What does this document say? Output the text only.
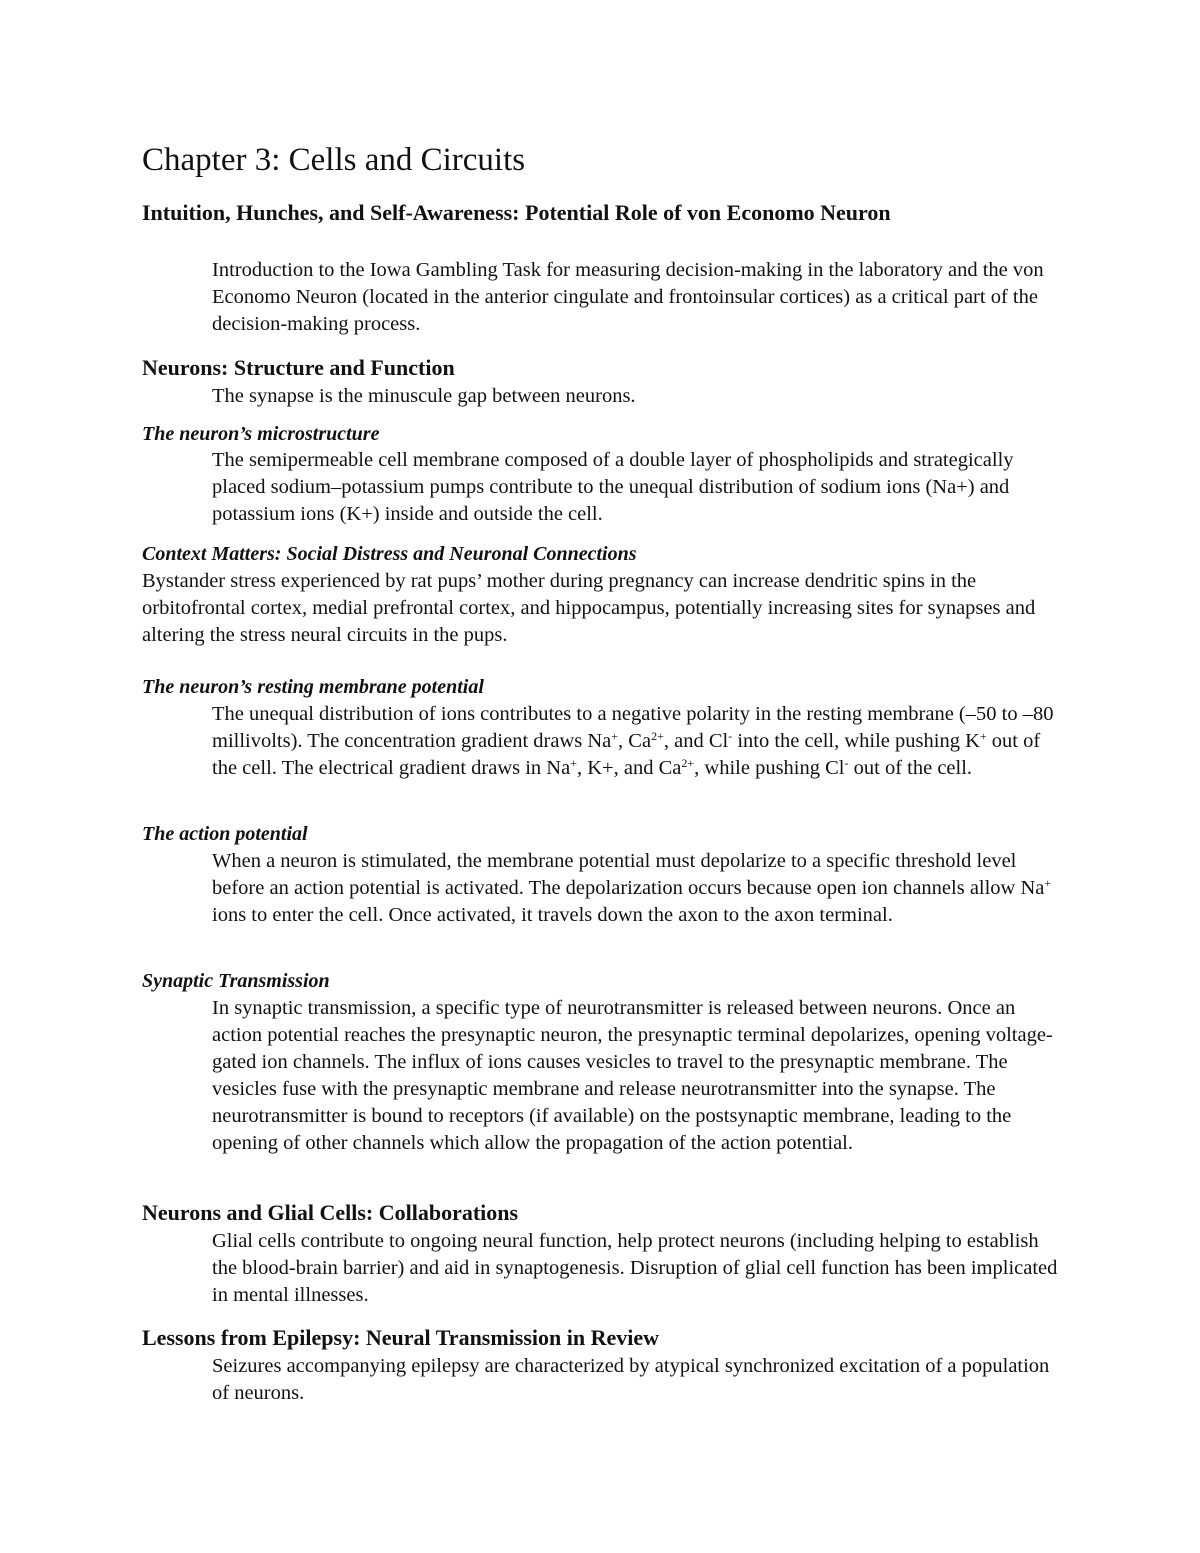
Chapter 3: Cells and Circuits
Intuition, Hunches, and Self-Awareness: Potential Role of von Economo Neuron

Introduction to the Iowa Gambling Task for measuring decision-making in the laboratory and the von Economo Neuron (located in the anterior cingulate and frontoinsular cortices) as a critical part of the decision-making process.

Neurons: Structure and Function

The synapse is the minuscule gap between neurons.

The neuron’s microstructure

The semipermeable cell membrane composed of a double layer of phospholipids and strategically placed sodium–potassium pumps contribute to the unequal distribution of sodium ions (Na+) and potassium ions (K+) inside and outside the cell.

Context Matters: Social Distress and Neuronal Connections

Bystander stress experienced by rat pups’ mother during pregnancy can increase dendritic spins in the orbitofrontal cortex, medial prefrontal cortex, and hippocampus, potentially increasing sites for synapses and altering the stress neural circuits in the pups.

The neuron’s resting membrane potential

The unequal distribution of ions contributes to a negative polarity in the resting membrane (–50 to –80 millivolts). The concentration gradient draws Na+, $Ca^{2+}$, and Cl- into the cell, while pushing K+ out of the cell. The electrical gradient draws in Na+, K+, and $Ca^{2+}$, while pushing Cl- out of the cell.

The action potential

When a neuron is stimulated, the membrane potential must depolarize to a specific threshold level before an action potential is activated. The depolarization occurs because open ion channels allow Na+ ions to enter the cell. Once activated, it travels down the axon to the axon terminal.

Synaptic Transmission

In synaptic transmission, a specific type of neurotransmitter is released between neurons. Once an action potential reaches the presynaptic neuron, the presynaptic terminal depolarizes, opening voltage-gated ion channels. The influx of ions causes vesicles to travel to the presynaptic membrane. The vesicles fuse with the presynaptic membrane and release neurotransmitter into the synapse. The neurotransmitter is bound to receptors (if available) on the postsynaptic membrane, leading to the opening of other channels which allow the propagation of the action potential.

Neurons and Glial Cells: Collaborations

Glial cells contribute to ongoing neural function, help protect neurons (including helping to establish the blood-brain barrier) and aid in synaptogenesis. Disruption of glial cell function has been implicated in mental illnesses.

Lessons from Epilepsy: Neural Transmission in Review

Seizures accompanying epilepsy are characterized by atypical synchronized excitation of a population of neurons.
